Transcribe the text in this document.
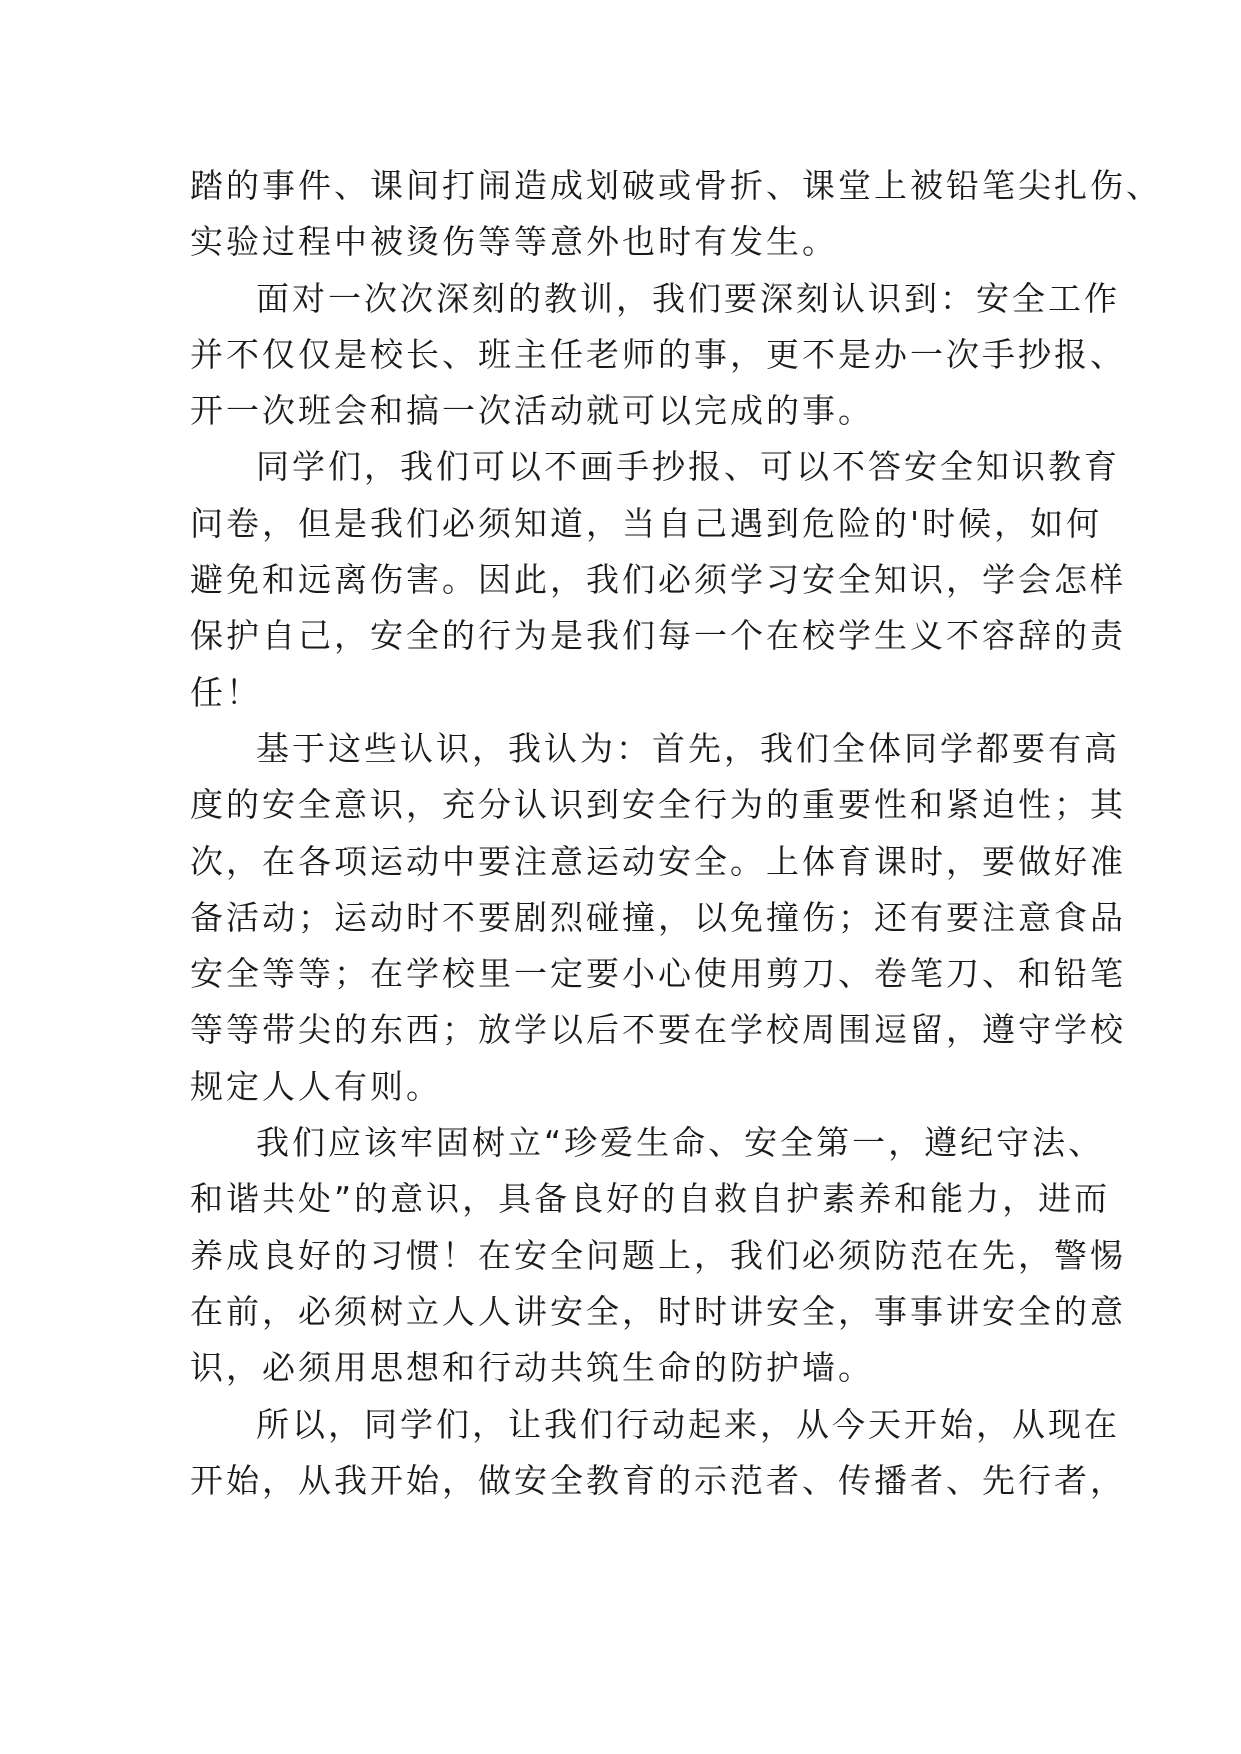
踏的事件、课间打闹造成划破或骨折、课堂上被铅笔尖扎伤、
实验过程中被烫伤等等意外也时有发生。
面对一次次深刻的教训，我们要深刻认识到：安全工作
并不仅仅是校长、班主任老师的事，更不是办一次手抄报、
开一次班会和搞一次活动就可以完成的事。
同学们，我们可以不画手抄报、可以不答安全知识教育
问卷，但是我们必须知道，当自己遇到危险的'时候，如何
避免和远离伤害。因此，我们必须学习安全知识，学会怎样
保护自己，安全的行为是我们每一个在校学生义不容辞的责
任！
基于这些认识，我认为：首先，我们全体同学都要有高
度的安全意识，充分认识到安全行为的重要性和紧迫性；其
次，在各项运动中要注意运动安全。上体育课时，要做好准
备活动；运动时不要剧烈碰撞，以免撞伤；还有要注意食品
安全等等；在学校里一定要小心使用剪刀、卷笔刀、和铅笔
等等带尖的东西；放学以后不要在学校周围逗留，遵守学校
规定人人有则。
我们应该牢固树立“珍爱生命、安全第一，遵纪守法、
和谐共处”的意识，具备良好的自救自护素养和能力，进而
养成良好的习惯！在安全问题上，我们必须防范在先，警惕
在前，必须树立人人讲安全，时时讲安全，事事讲安全的意
识，必须用思想和行动共筑生命的防护墙。
所以，同学们，让我们行动起来，从今天开始，从现在
开始，从我开始，做安全教育的示范者、传播者、先行者，
